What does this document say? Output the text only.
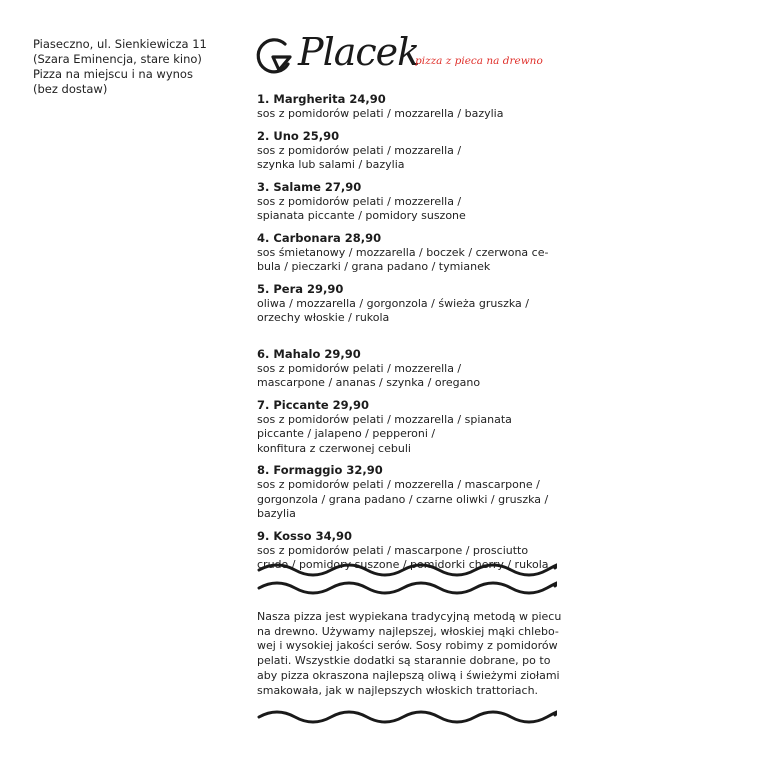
Piaseczno, ul. Sienkiewicza 11
(Szara Eminencja, stare kino)
Pizza na miejscu i na wynos
(bez dostaw)
Placek
pizza z pieca na drewno
1. Margherita 24,90
sos z pomidorów pelati / mozzarella / bazylia
2. Uno 25,90
sos z pomidorów pelati / mozzarella /
szynka lub salami / bazylia
3. Salame 27,90
sos z pomidorów pelati / mozzerella /
spianata piccante / pomidory suszone
4. Carbonara 28,90
sos śmietanowy / mozzarella / boczek / czerwona ce-
bula / pieczarki / grana padano / tymianek
5. Pera 29,90
oliwa / mozzarella / gorgonzola / świeża gruszka /
orzechy włoskie / rukola
6. Mahalo 29,90
sos z pomidorów pelati / mozzerella /
mascarpone / ananas / szynka / oregano
7. Piccante 29,90
sos z pomidorów pelati / mozzarella / spianata
piccante / jalapeno / pepperoni /
konfitura z czerwonej cebuli
8. Formaggio 32,90
sos z pomidorów pelati / mozzerella / mascarpone /
gorgonzola / grana padano / czarne oliwki / gruszka /
bazylia
9. Kosso 34,90
sos z pomidorów pelati / mascarpone / prosciutto
crudo / pomidory suszone / pomidorki cherry / rukola
Nasza pizza jest wypiekana tradycyjną metodą w piecu
na drewno. Używamy najlepszej, włoskiej mąki chlebo-
wej i wysokiej jakości serów. Sosy robimy z pomidorów
pelati. Wszystkie dodatki są starannie dobrane, po to
aby pizza okraszona najlepszą oliwą i świeżymi ziołami
smakowała, jak w najlepszych włoskich trattoriach.
